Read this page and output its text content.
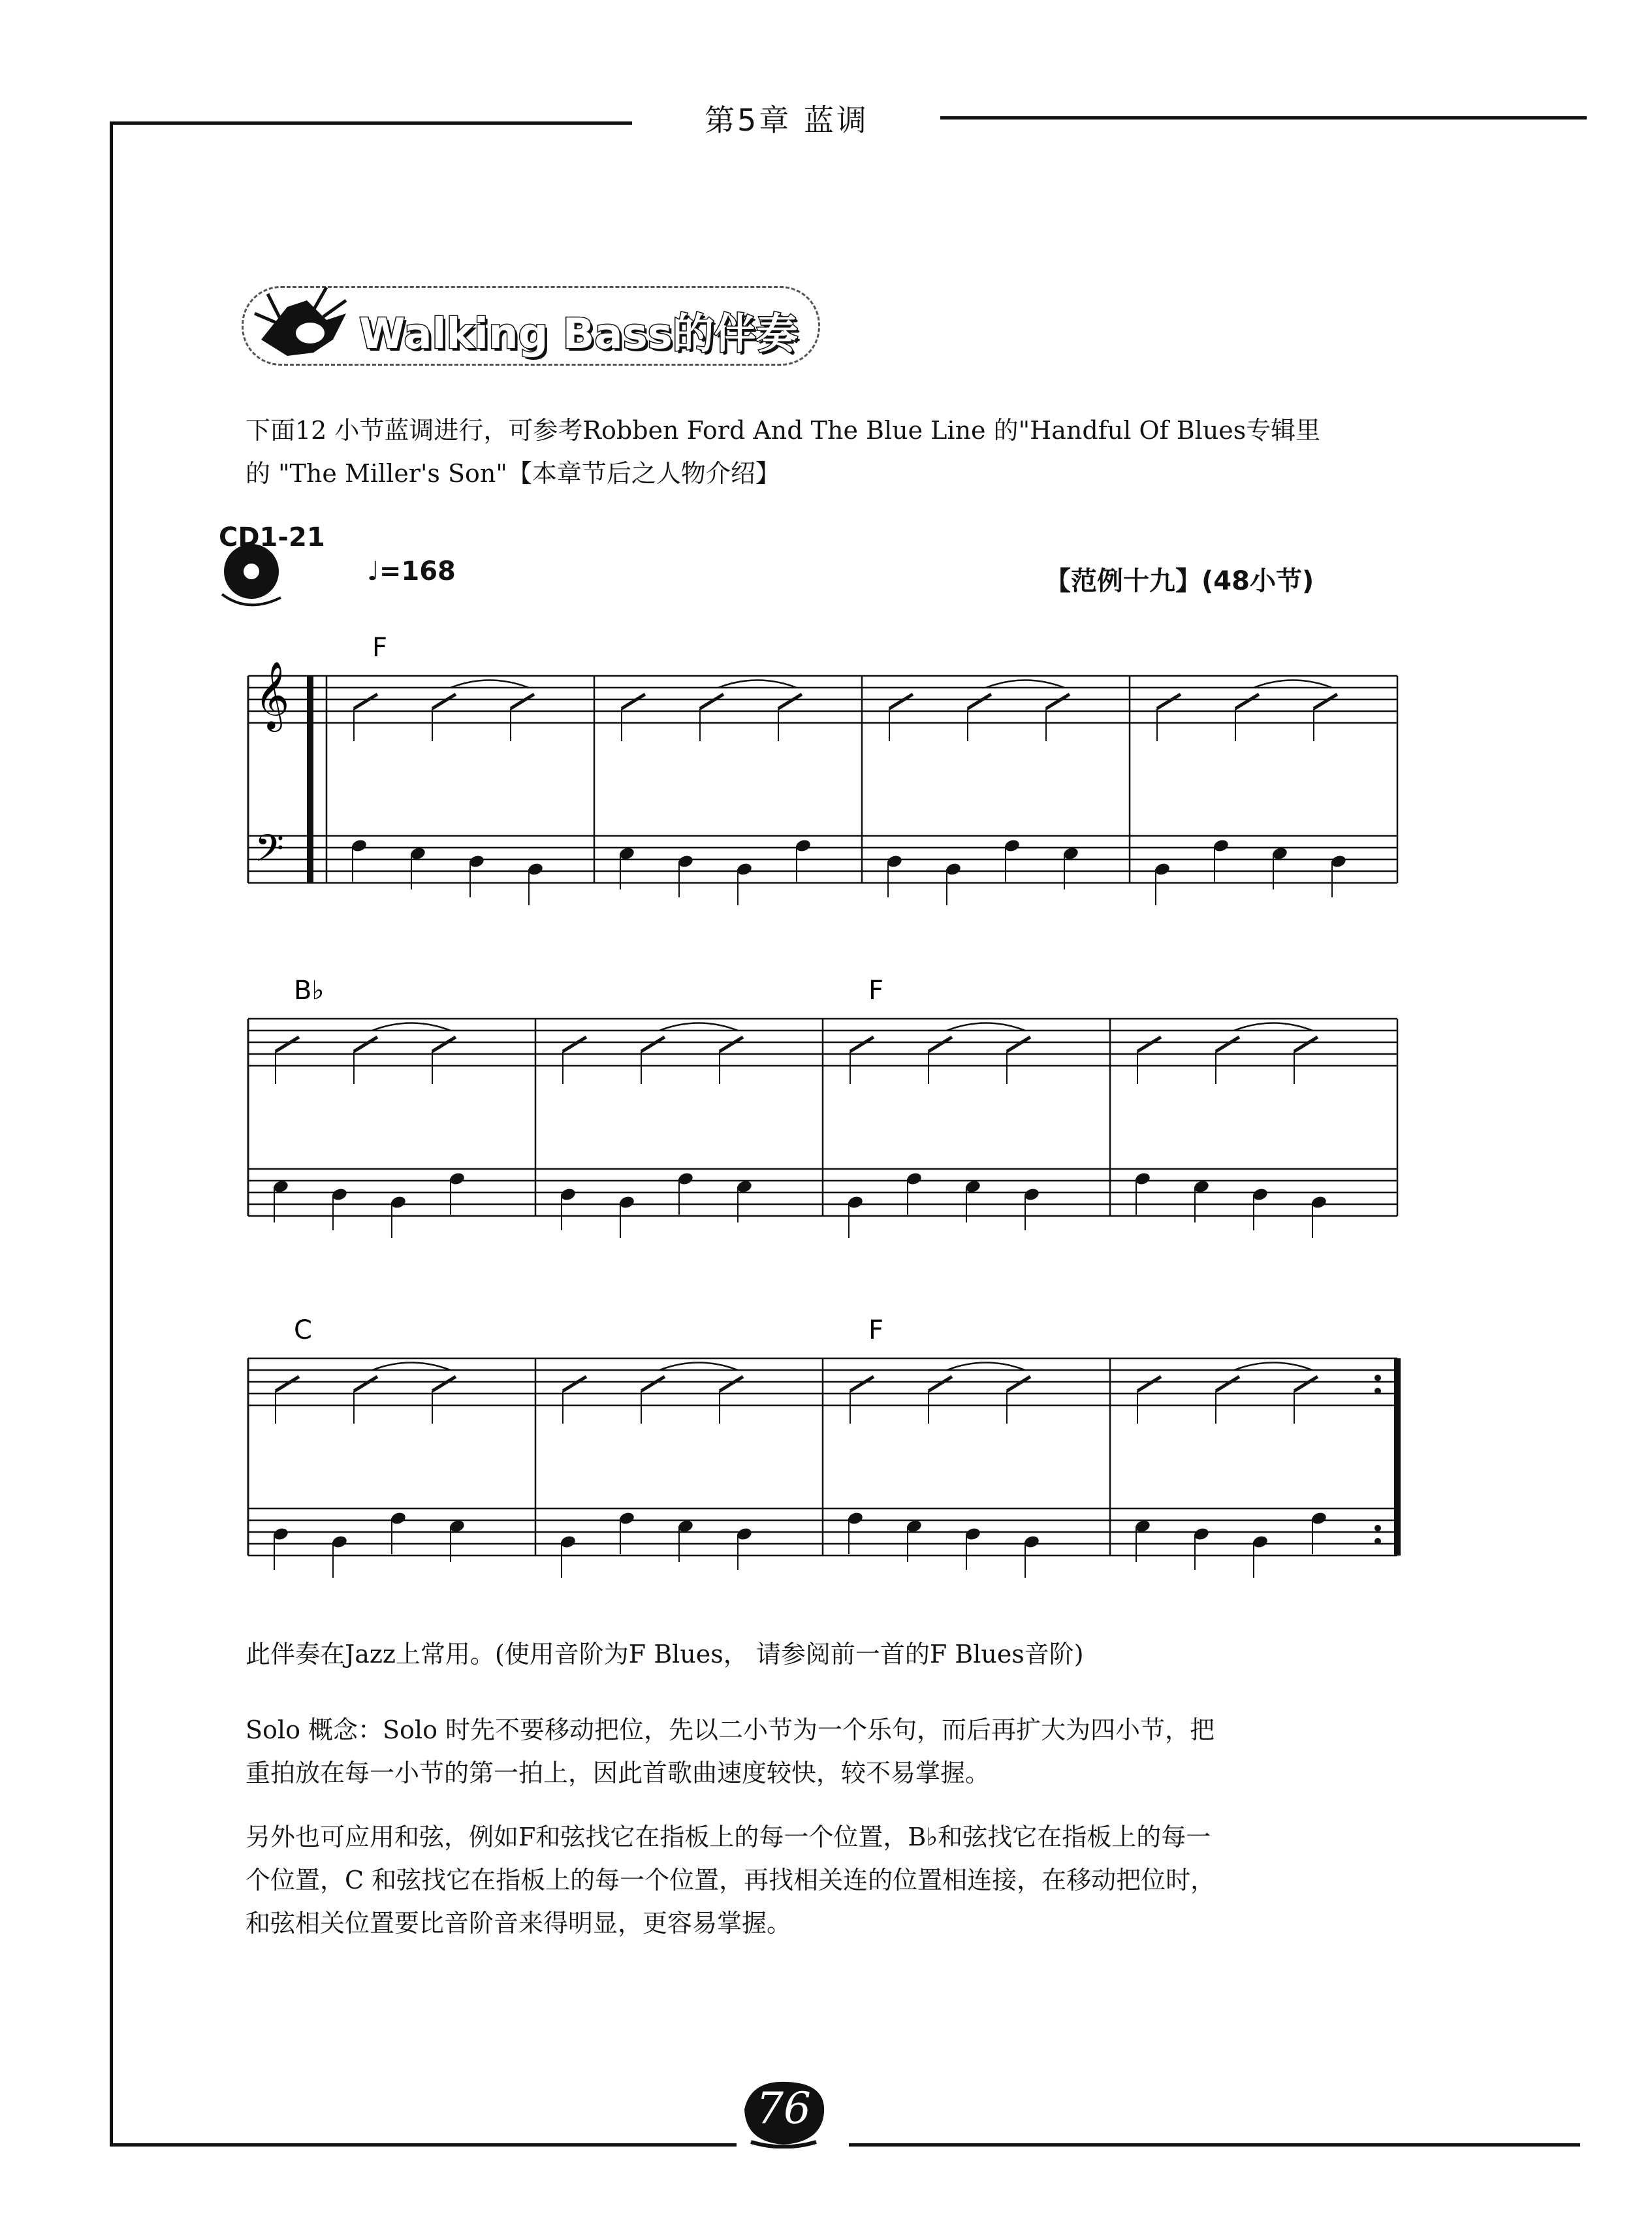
第5章 蓝调
Walking Bass的伴奏
下面12 小节蓝调进行，可参考Robben Ford And The Blue Line 的"Handful Of Blues专辑里
的 "The Miller's Son"【本章节后之人物介绍】
CD1-21
♩=168	【范例十九】(48小节)
𝄞
𝄢
F
B♭	F
C	F
此伴奏在Jazz上常用。(使用音阶为F Blues， 请参阅前一首的F Blues音阶)
Solo 概念：Solo 时先不要移动把位，先以二小节为一个乐句，而后再扩大为四小节，把
重拍放在每一小节的第一拍上，因此首歌曲速度较快，较不易掌握。
另外也可应用和弦，例如F和弦找它在指板上的每一个位置，B♭和弦找它在指板上的每一
个位置，C 和弦找它在指板上的每一个位置，再找相关连的位置相连接，在移动把位时，
和弦相关位置要比音阶音来得明显，更容易掌握。
76
